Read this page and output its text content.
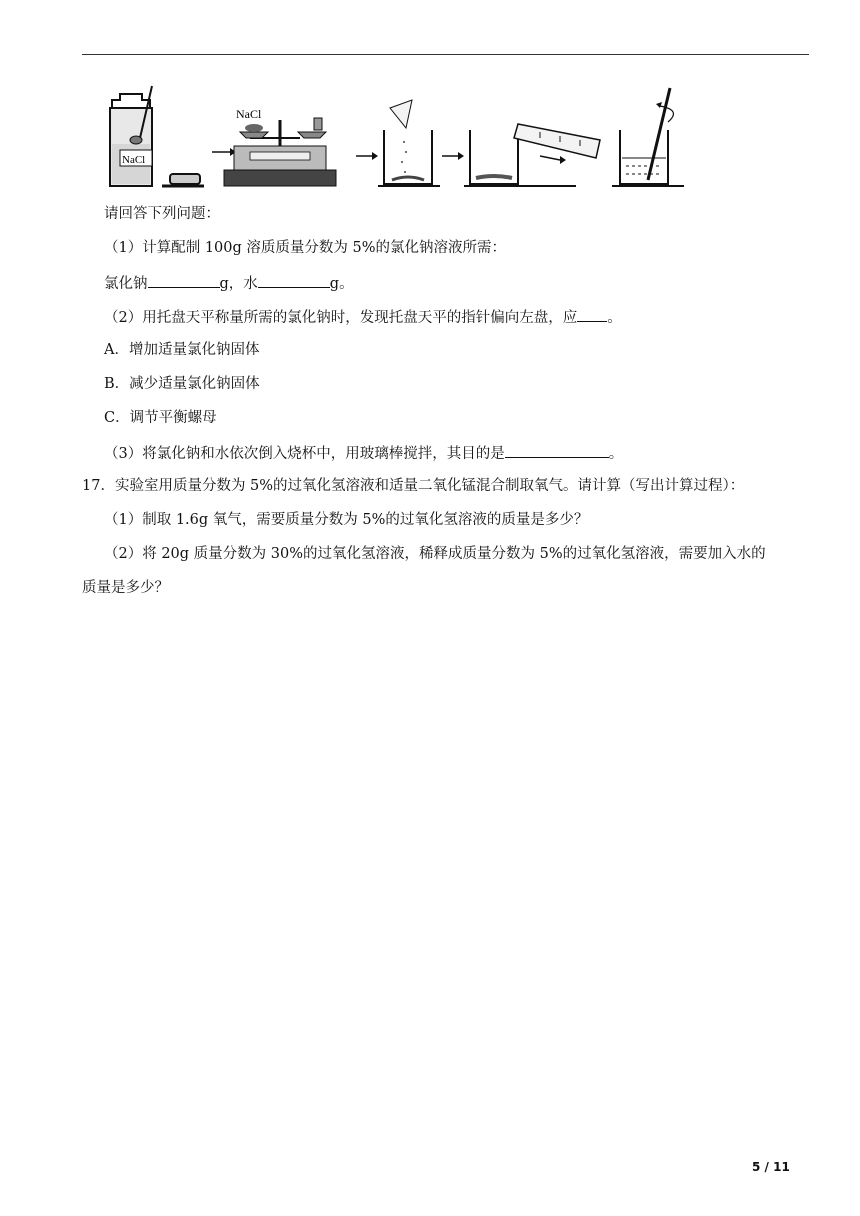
NaCl
NaCl
请回答下列问题：
（1）计算配制 100g 溶质质量分数为 5%的氯化钠溶液所需：
氯化钠	g，水	g。
（2）用托盘天平称量所需的氯化钠时，发现托盘天平的指针偏向左盘，应 。
A．增加适量氯化钠固体
B．减少适量氯化钠固体
C．调节平衡螺母
（3）将氯化钠和水依次倒入烧杯中，用玻璃棒搅拌，其目的是	。
17．实验室用质量分数为 5%的过氧化氢溶液和适量二氧化锰混合制取氧气。请计算（写出计算过程）：
（1）制取 1.6g 氧气，需要质量分数为 5%的过氧化氢溶液的质量是多少？
（2）将 20g 质量分数为 30%的过氧化氢溶液，稀释成质量分数为 5%的过氧化氢溶液，需要加入水的
质量是多少？
5 / 11
